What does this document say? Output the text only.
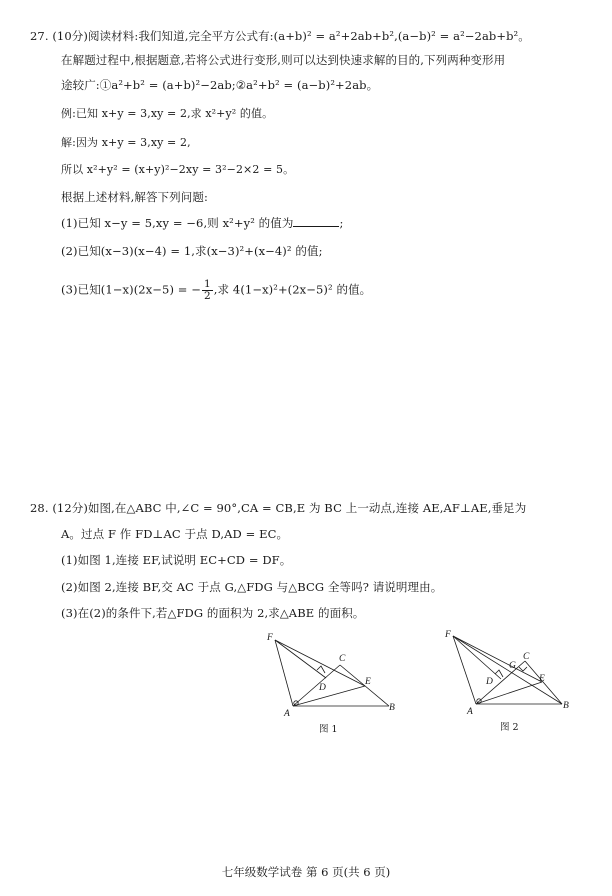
27. (10分)阅读材料:我们知道,完全平方公式有:(a+b)² = a²+2ab+b²,(a−b)² = a²−2ab+b²。
在解题过程中,根据题意,若将公式进行变形,则可以达到快速求解的目的,下列两种变形用
途较广:①a²+b² = (a+b)²−2ab;②a²+b² = (a−b)²+2ab。
例:已知 x+y = 3,xy = 2,求 x²+y² 的值。
解:因为 x+y = 3,xy = 2,
所以 x²+y² = (x+y)²−2xy = 3²−2×2 = 5。
根据上述材料,解答下列问题:
(1)已知 x−y = 5,xy = −6,则 x²+y² 的值为	;
(2)已知(x−3)(x−4) = 1,求(x−3)²+(x−4)² 的值;
(3)已知(1−x)(2x−5) = − $\frac{1}{2}$ ,求 4(1−x)²+(2x−5)² 的值。
28. (12分)如图,在△ABC 中,∠C = 90°,CA = CB,E 为 BC 上一动点,连接 AE,AF⊥AE,垂足为
A。过点 F 作 FD⊥AC 于点 D,AD = EC。
(1)如图 1,连接 EF,试说明 EC+CD = DF。
(2)如图 2,连接 BF,交 AC 于点 G,△FDG 与△BCG 全等吗? 请说明理由。
(3)在(2)的条件下,若△FDG 的面积为 2,求△ABE 的面积。
F
C
D
E
A
B
图 1
F
G
C
D	E
A
B
图 2
七年级数学试卷 第 6 页(共 6 页)
